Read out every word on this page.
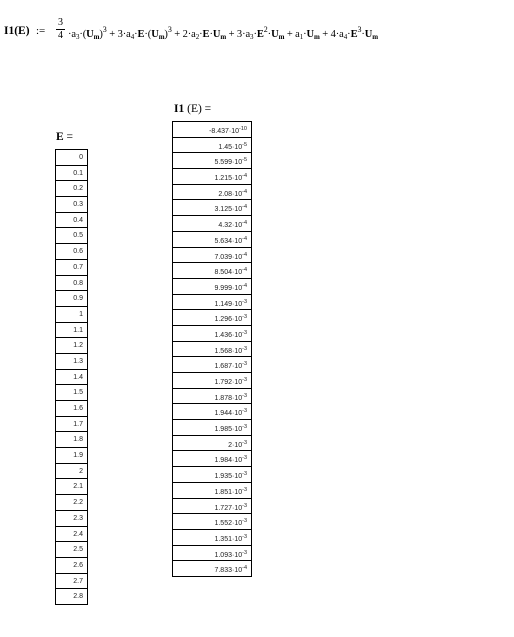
I1(E) := $\frac{3}{4} \cdot a_3\cdot(U_m)^3 + 3\cdot a_4\cdot E\cdot(U_m)^3 + 2\cdot a_2\cdot E\cdot U_m + 3\cdot a_3\cdot E^2\cdot U_m + a_1\cdot U_m + 4\cdot a_4\cdot E^3\cdot U_m$
E =
0
0.1
0.2
0.3
0.4
0.5
0.6
0.7
0.8
0.9
1
1.1
1.2
1.3
1.4
1.5
1.6
1.7
1.8
1.9
2
2.1
2.2
2.3
2.4
2.5
2.6
2.7
2.8
I1 (E) =
$-8.437\cdot 10^{-10}$
$1.45\cdot 10^{-5}$
$5.599\cdot 10^{-5}$
$1.215\cdot 10^{-4}$
$2.08\cdot 10^{-4}$
$3.125\cdot 10^{-4}$
$4.32\cdot 10^{-4}$
$5.634\cdot 10^{-4}$
$7.039\cdot 10^{-4}$
$8.504\cdot 10^{-4}$
$9.999\cdot 10^{-4}$
$1.149\cdot 10^{-3}$
$1.296\cdot 10^{-3}$
$1.436\cdot 10^{-3}$
$1.568\cdot 10^{-3}$
$1.687\cdot 10^{-3}$
$1.792\cdot 10^{-3}$
$1.878\cdot 10^{-3}$
$1.944\cdot 10^{-3}$
$1.985\cdot 10^{-3}$
$2\cdot 10^{-3}$
$1.984\cdot 10^{-3}$
$1.935\cdot 10^{-3}$
$1.851\cdot 10^{-3}$
$1.727\cdot 10^{-3}$
$1.552\cdot 10^{-3}$
$1.351\cdot 10^{-3}$
$1.093\cdot 10^{-3}$
$7.833\cdot 10^{-4}$
